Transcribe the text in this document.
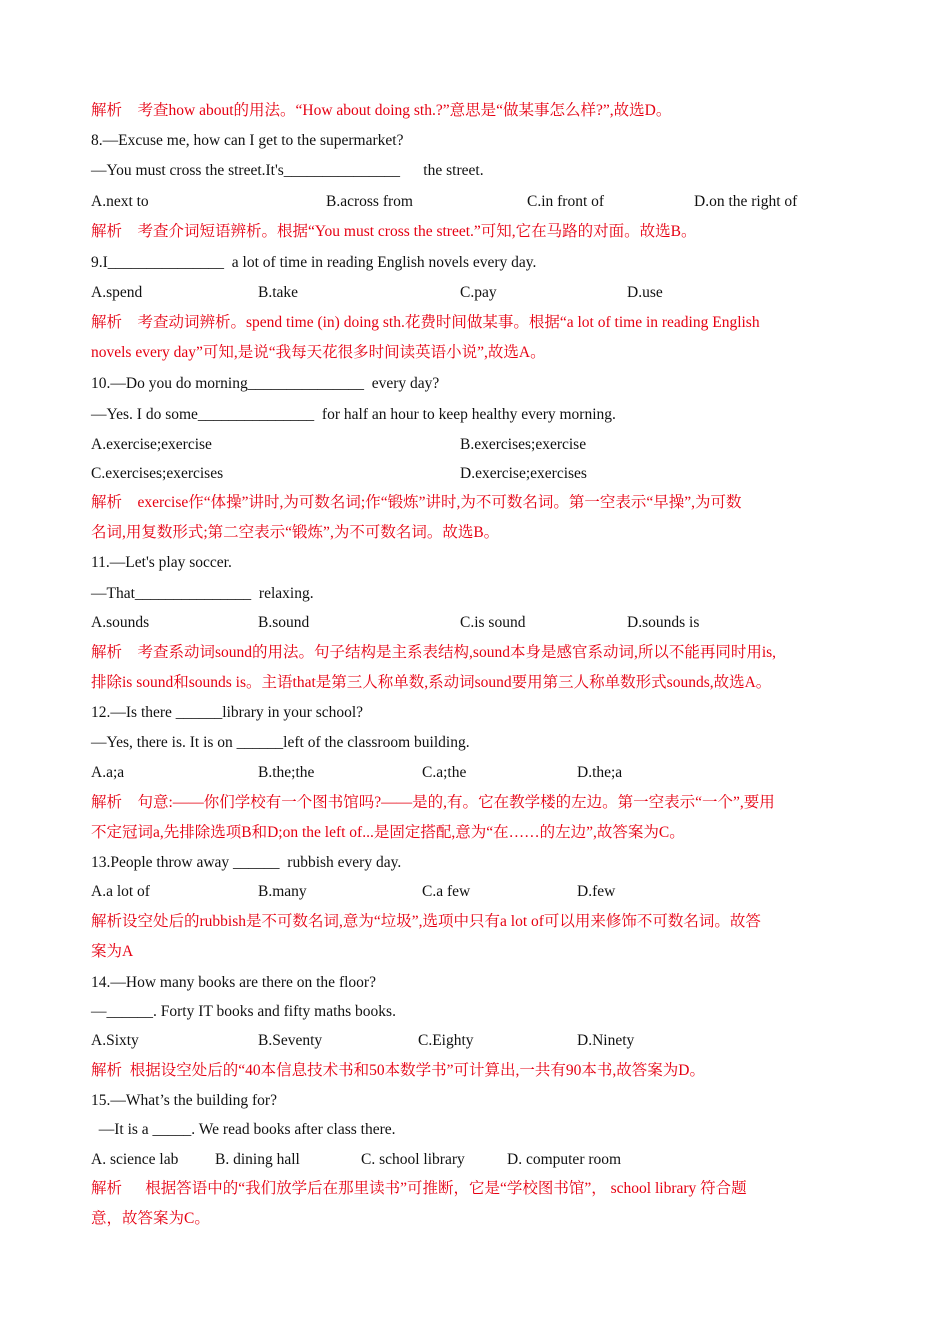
解析    考查how about的用法。“How about doing sth.?”意思是“做某事怎么样?”,故选D。
8.—Excuse me, how can I get to the supermarket?
—You must cross the street.It's_______________      the street.
A.next to	B.across from	C.in front of	D.on the right of
解析    考查介词短语辨析。根据“You must cross the street.”可知,它在马路的对面。故选B。
9.I_______________  a lot of time in reading English novels every day.
A.spend	B.take	C.pay	D.use
解析    考查动词辨析。spend time (in) doing sth.花费时间做某事。根据“a lot of time in reading English
novels every day”可知,是说“我每天花很多时间读英语小说”,故选A。
10.—Do you do morning_______________  every day?
—Yes. I do some_______________  for half an hour to keep healthy every morning.
A.exercise;exercise	B.exercises;exercise
C.exercises;exercises	D.exercise;exercises
解析    exercise作“体操”讲时,为可数名词;作“锻炼”讲时,为不可数名词。第一空表示“早操”,为可数
名词,用复数形式;第二空表示“锻炼”,为不可数名词。故选B。
11.—Let's play soccer.
—That_______________  relaxing.
A.sounds	B.sound	C.is sound	D.sounds is
解析    考查系动词sound的用法。句子结构是主系表结构,sound本身是感官系动词,所以不能再同时用is,
排除is sound和sounds is。主语that是第三人称单数,系动词sound要用第三人称单数形式sounds,故选A。
12.—Is there ______library in your school?
—Yes, there is. It is on ______left of the classroom building.
A.a;a	B.the;the	C.a;the	D.the;a
解析    句意:——你们学校有一个图书馆吗?——是的,有。它在教学楼的左边。第一空表示“一个”,要用
不定冠词a,先排除选项B和D;on the left of...是固定搭配,意为“在……的左边”,故答案为C。
13.People throw away ______  rubbish every day.
A.a lot of	B.many	C.a few	D.few
解析设空处后的rubbish是不可数名词,意为“垃圾”,选项中只有a lot of可以用来修饰不可数名词。故答
案为A
14.—How many books are there on the floor?
—______. Forty IT books and fifty maths books.
A.Sixty	B.Seventy	C.Eighty	D.Ninety
解析  根据设空处后的“40本信息技术书和50本数学书”可计算出,一共有90本书,故答案为D。
15.—What’s the building for?
—It is a _____. We read books after class there.
A. science lab B. dining hall	C. school library	D. computer room
解析      根据答语中的“我们放学后在那里读书”可推断，它是“学校图书馆”， school library 符合题
意，故答案为C。
